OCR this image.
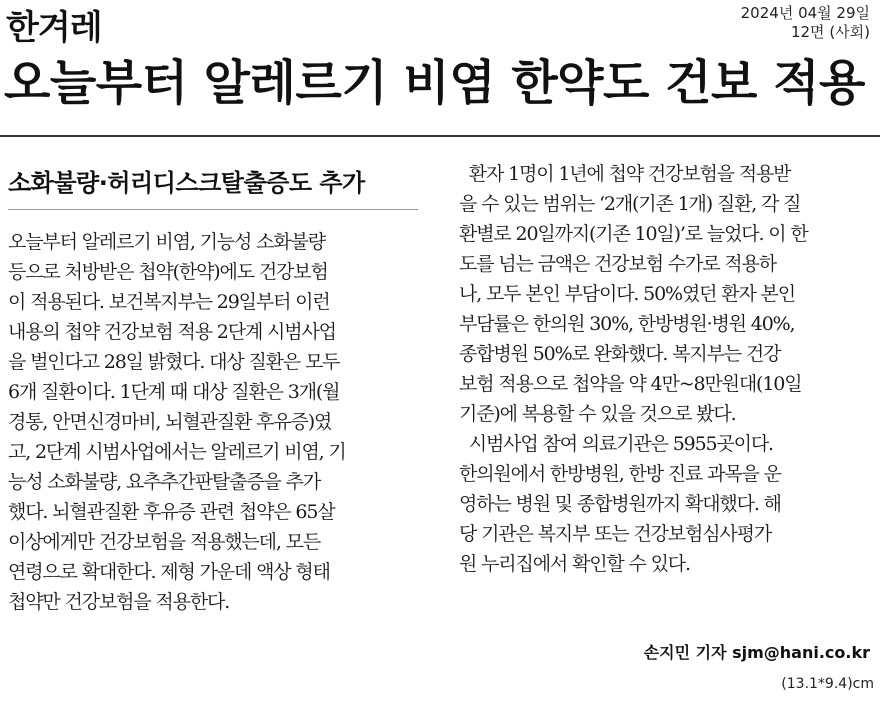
한겨레	2024년 04월 29일
12면 (사회)
오늘부터 알레르기 비염 한약도 건보 적용
소화불량·허리디스크탈출증도 추가
오늘부터 알레르기 비염, 기능성 소화불량
등으로 처방받은 첩약(한약)에도 건강보험
이 적용된다. 보건복지부는 29일부터 이런
내용의 첩약 건강보험 적용 2단계 시범사업
을 벌인다고 28일 밝혔다. 대상 질환은 모두
6개 질환이다. 1단계 때 대상 질환은 3개(월
경통, 안면신경마비, 뇌혈관질환 후유증)였
고, 2단계 시범사업에서는 알레르기 비염, 기
능성 소화불량, 요추추간판탈출증을 추가
했다. 뇌혈관질환 후유증 관련 첩약은 65살
이상에게만 건강보험을 적용했는데, 모든
연령으로 확대한다. 제형 가운데 액상 형태
첩약만 건강보험을 적용한다.
환자 1명이 1년에 첩약 건강보험을 적용받
을 수 있는 범위는 ‘2개(기존 1개) 질환, 각 질
환별로 20일까지(기존 10일)’로 늘었다. 이 한
도를 넘는 금액은 건강보험 수가로 적용하
나, 모두 본인 부담이다. 50%였던 환자 본인
부담률은 한의원 30%, 한방병원·병원 40%,
종합병원 50%로 완화했다. 복지부는 건강
보험 적용으로 첩약을 약 4만~8만원대(10일
기준)에 복용할 수 있을 것으로 봤다.
시범사업 참여 의료기관은 5955곳이다.
한의원에서 한방병원, 한방 진료 과목을 운
영하는 병원 및 종합병원까지 확대했다. 해
당 기관은 복지부 또는 건강보험심사평가
원 누리집에서 확인할 수 있다.
손지민 기자 sjm@hani.co.kr
(13.1*9.4)cm
